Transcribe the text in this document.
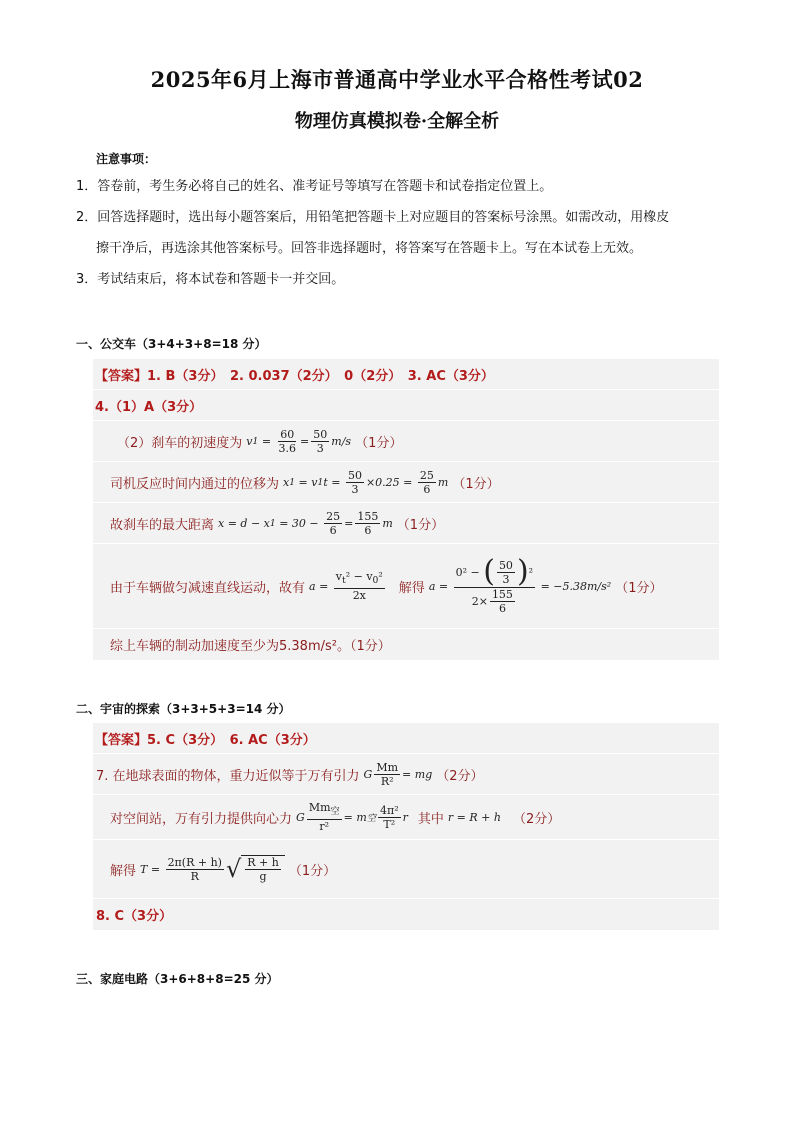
2025年6月上海市普通高中学业水平合格性考试02
物理仿真模拟卷·全解全析
注意事项：
1．答卷前，考生务必将自己的姓名、准考证号等填写在答题卡和试卷指定位置上。
2．回答选择题时，选出每小题答案后，用铅笔把答题卡上对应题目的答案标号涂黑。如需改动，用橡皮
擦干净后，再选涂其他答案标号。回答非选择题时，将答案写在答题卡上。写在本试卷上无效。
3．考试结束后，将本试卷和答题卡一并交回。
一、公交车（3+4+3+8=18 分）
【答案】 1. B（3分）　2. 0.037（2分）　0（2分）　3. AC（3分）
4.（1）A（3分）
（2）刹车的初速度为 v $1 = \frac{60}{3.6} = \frac{50}{3} m/s$ （1分）
司机反应时间内通过的位移为 x 1 = v 1 $t = \frac{50}{3} \times 0.25 = \frac{25}{6}$ m （1分）
故刹车的最大距离 x = d − x $1 = 30 - \frac{25}{6} = \frac{155}{6}$ m （1分）
由于车辆做匀减速直线运动，故有 $a = \frac{v_t^2 - v_0^2}{2x}$ 解得 $a = \frac{0^2 - ( \frac{50}{3} ) ^2}{2\times \frac{155}{6}} = -5.38m/s^2$ （1分）
综上车辆的制动加速度至少为5.38m/s²。（1分）
二、宇宙的探索（3+3+5+3=14 分）
【答案】 5. C（3分）　6. AC（3分）
7. 在地球表面的物体，重力近似等于万有引力 G $\frac{Mm}{\text{R²}}$ = mg （2分）
对空间站，万有引力提供向心力 G $\frac{Mm_空}{\text{r²}} = m$ 空 $\frac{\text{4π²}}{\text{T²}}$ r 其中 r = R + h （2分）
解得 $T = \frac{2\pi(R + h)}{R}$ √ $\frac{R + h}{g} (1$分）
8. C（3分）
三、家庭电路（3+6+8+8=25 分）
